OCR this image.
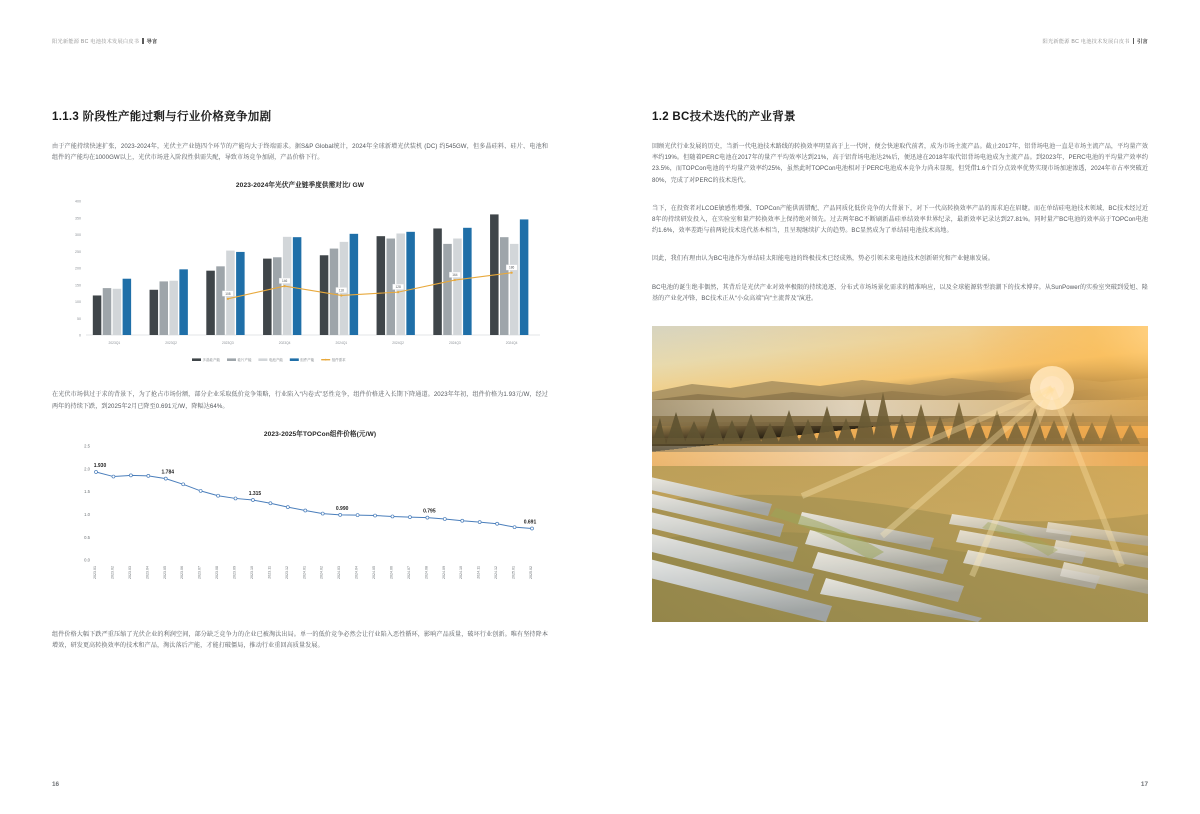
阳光新能源 BC 电池技术发展白皮书 导言
1.1.3 阶段性产能过剩与行业价格竞争加剧

由于产能持续快速扩张，2023-2024年，光伏主产业链四个环节的产能均大于终端需求。据S&P Global统计，2024年全球新增光伏装机 (DC) 约545GW，但多晶硅料、硅片、电池和组件的产能均在1000GW以上，光伏市场进入阶段性供需失配，导致市场竞争加剧，产品价格下行。

2023-2024年光伏产业链季度供需对比/ GW
0
50
100
150
200
250
300
350
400
2023Q1	2023Q2	2023Q3	2023Q4	2024Q1	2024Q2	2024Q3	2024Q4
108
146
118
128
164
186
多晶硅产能	硅片产能	电池产能	组件产能	组件需求

在光伏市场供过于求的背景下，为了抢占市场份额，部分企业采取低价竞争策略，行业陷入“内卷式”恶性竞争，组件价格进入长期下降通道。2023年年初，组件价格为1.93元/W，经过两年的持续下跌，到2025年2月已降至0.691元/W，降幅达64%。

2023-2025年TOPCon组件价格(元/W)
0.0
0.5
1.0
1.5
2.0
2.5
1.930
1.784
1.315
0.990	0.795
0.691
2023.01	2023.02	2023.03	2023.04	2023.05	2023.06	2023.07	2023.08	2023.09	2023.10	2023.11	2023.12	2024.01	2024.02	2024.03	2024.04	2024.05	2024.06	2024.07	2024.08	2024.09	2024.10	2024.11	2024.12	2025.01	2025.02

组件价格大幅下跌严重压缩了光伏企业的利润空间，部分缺乏竞争力的企业已被淘汰出局。单一的低价竞争必然会让行业陷入恶性循环，影响产品质量，破坏行业创新。唯有坚持降本增效，研发更高转换效率的技术和产品，淘汰落后产能，才能打破僵局，推动行业重回高质量发展。

16
阳光新能源 BC 电池技术发展白皮书 引言
1.2 BC技术迭代的产业背景

回顾光伏行业发展的历史，当新一代电池技术路线的转换效率明显高于上一代时，便会快速取代前者，成为市场主流产品。截止2017年，铝背场电池一直是市场主流产品，平均量产效率约19%。但随着PERC电池在2017年的量产平均效率达到21%，高于铝背场电池达2%后，便迅速在2018年取代铝背场电池成为主流产品。到2023年，PERC电池的平均量产效率约23.5%，而TOPCon电池的平均量产效率约25%，虽然此时TOPCon电池相对于PERC电池成本竞争力尚未显现，但凭借1.6个百分点效率优势实现市场加速渗透，2024年市占率突破近80%，完成了对PERC的技术迭代。

当下，在投资者对LCOE敏感性增强、TOPCon产能供需错配、产品同质化低价竞争的大背景下，对下一代高转换效率产品的需求迫在眉睫。而在单结硅电池技术领域，BC技术经过近8年的持续研发投入，在实验室和量产转换效率上保持绝对领先。过去两年BC不断刷新晶硅单结效率世界纪录，最新效率记录达到27.81%。同时量产BC电池的效率高于TOPCon电池约1.6%，效率差距与前两轮技术迭代基本相当，且呈现继续扩大的趋势。BC显然成为了单结硅电池技术高地。

因此，我们有理由认为BC电池作为单结硅太阳能电池的终极技术已经成熟，势必引领未来电池技术创新研究和产业健康发展。

BC电池的诞生绝非偶然，其背后是光伏产业对效率极限的持续追逐、分布式市场场景化需求的精准响应，以及全球能源转型浪潮下的技术博弈。从SunPower的实验室突破到爱旭、隆基的产业化冲锋，BC技术正从“小众高端”向“主流普及”演进。

17
